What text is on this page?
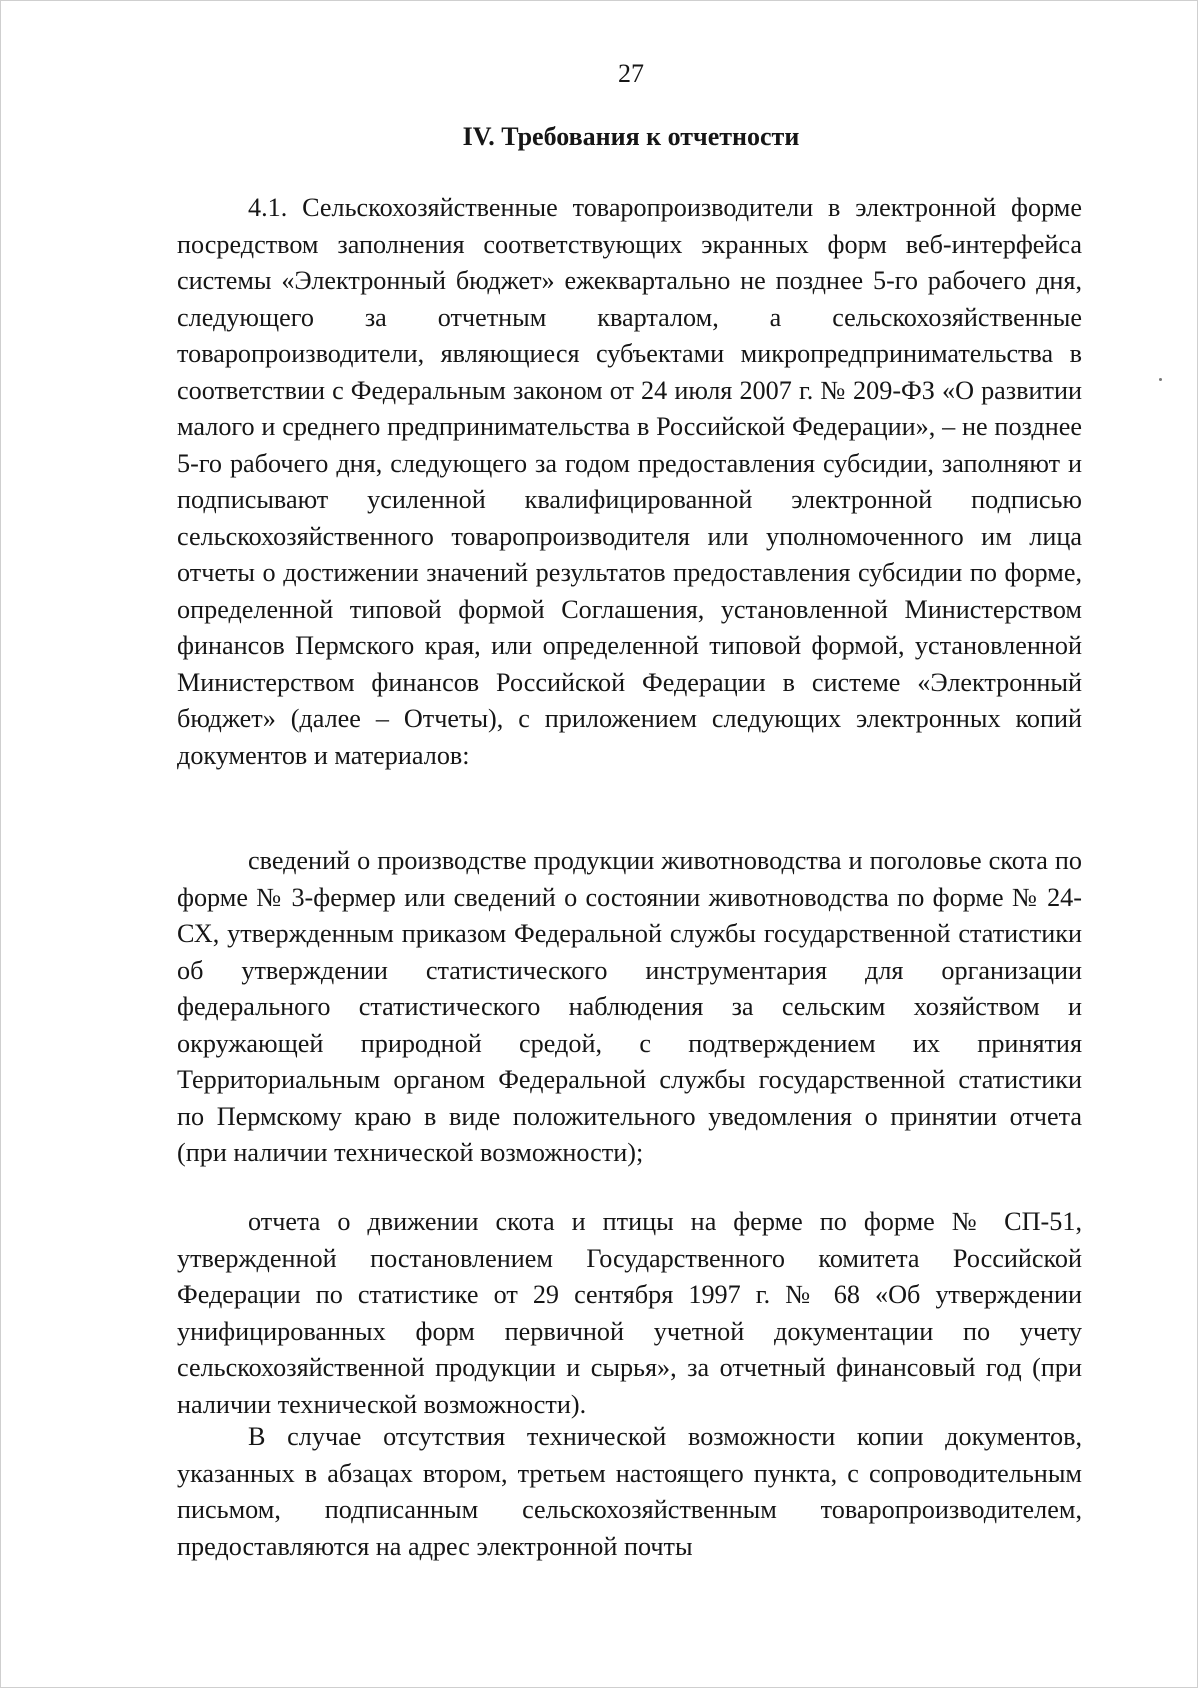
27
IV. Требования к отчетности

4.1. Сельскохозяйственные товаропроизводители в электронной форме посредством заполнения соответствующих экранных форм веб-интерфейса системы «Электронный бюджет» ежеквартально не позднее 5-го рабочего дня, следующего за отчетным кварталом, а сельскохозяйственные товаропроизводители, являющиеся субъектами микропредпринимательства в соответствии с Федеральным законом от 24 июля 2007 г. № 209-ФЗ «О развитии малого и среднего предпринимательства в Российской Федерации», – не позднее 5-го рабочего дня, следующего за годом предоставления субсидии, заполняют и подписывают усиленной квалифицированной электронной подписью сельскохозяйственного товаропроизводителя или уполномоченного им лица отчеты о достижении значений результатов предоставления субсидии по форме, определенной типовой формой Соглашения, установленной Министерством финансов Пермского края, или определенной типовой формой, установленной Министерством финансов Российской Федерации в системе «Электронный бюджет» (далее – Отчеты), с приложением следующих электронных копий документов и материалов:

сведений о производстве продукции животноводства и поголовье скота по форме № 3-фермер или сведений о состоянии животноводства по форме № 24-СХ, утвержденным приказом Федеральной службы государственной статистики об утверждении статистического инструментария для организации федерального статистического наблюдения за сельским хозяйством и окружающей природной средой, с подтверждением их принятия Территориальным органом Федеральной службы государственной статистики по Пермскому краю в виде положительного уведомления о принятии отчета (при наличии технической возможности);

отчета о движении скота и птицы на ферме по форме № СП-51, утвержденной постановлением Государственного комитета Российской Федерации по статистике от 29 сентября 1997 г. № 68 «Об утверждении унифицированных форм первичной учетной документации по учету сельскохозяйственной продукции и сырья», за отчетный финансовый год (при наличии технической возможности).

В случае отсутствия технической возможности копии документов, указанных в абзацах втором, третьем настоящего пункта, с сопроводительным письмом, подписанным сельскохозяйственным товаропроизводителем, предоставляются на адрес электронной почты
